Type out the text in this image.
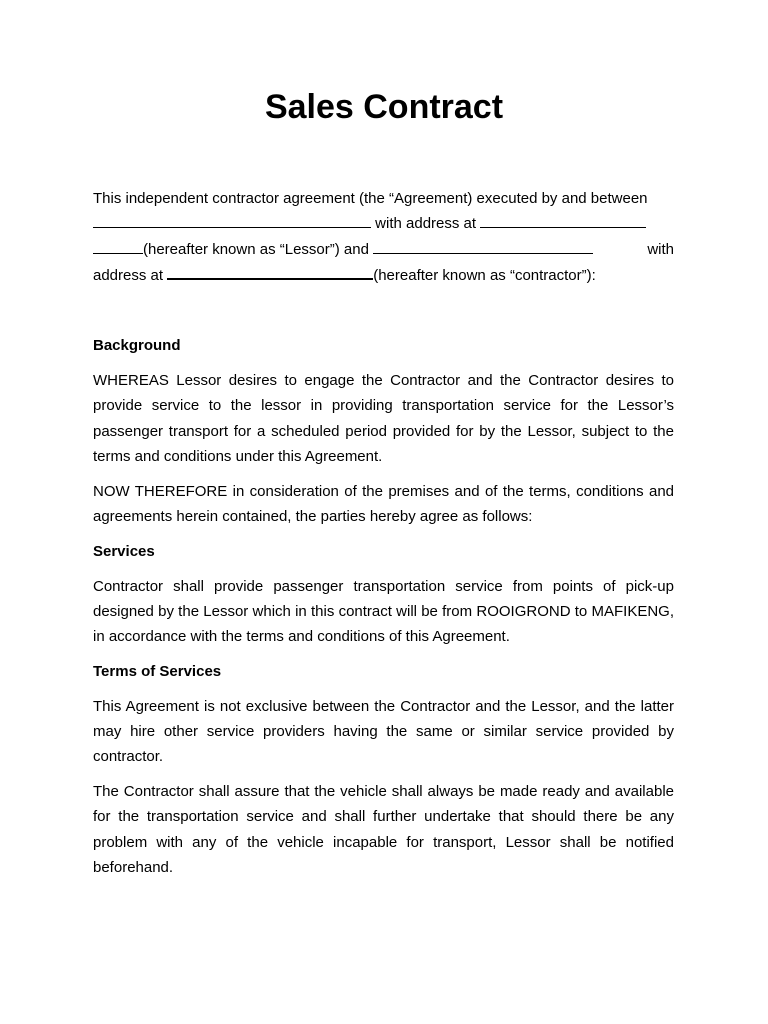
Sales Contract

This independent contractor agreement (the “Agreement) executed by and between

with address at

(hereafter known as “Lessor”) and	with

address at	(hereafter known as “contractor”):

Background

WHEREAS Lessor desires to engage the Contractor and the Contractor desires to provide service to the lessor in providing transportation service for the Lessor’s passenger transport for a scheduled period provided for by the Lessor, subject to the terms and conditions under this Agreement.

NOW THEREFORE in consideration of the premises and of the terms, conditions and agreements herein contained, the parties hereby agree as follows:

Services

Contractor shall provide passenger transportation service from points of pick-up designed by the Lessor which in this contract will be from ROOIGROND to MAFIKENG, in accordance with the terms and conditions of this Agreement.

Terms of Services

This Agreement is not exclusive between the Contractor and the Lessor, and the latter may hire other service providers having the same or similar service provided by contractor.

The Contractor shall assure that the vehicle shall always be made ready and available for the transportation service and shall further undertake that should there be any problem with any of the vehicle incapable for transport, Lessor shall be notified beforehand.
